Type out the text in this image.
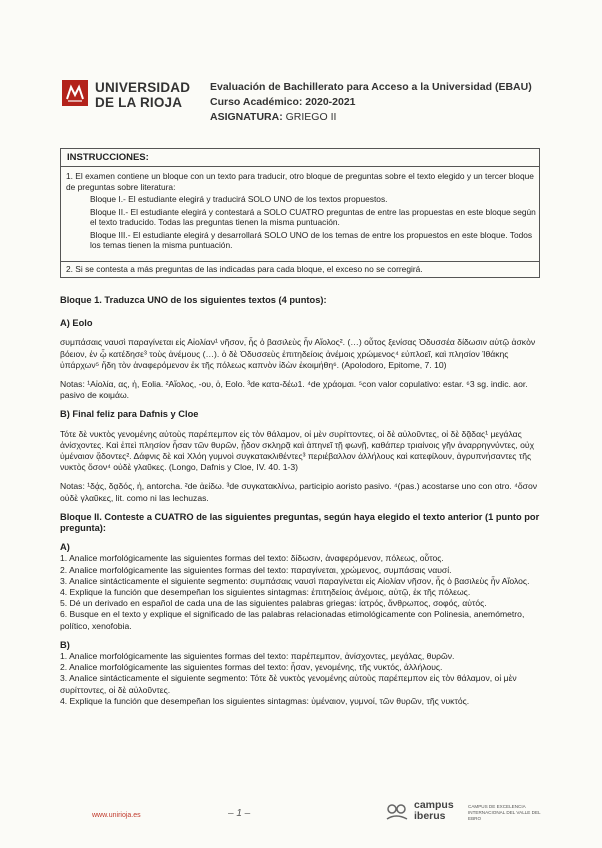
UNIVERSIDAD
DE LA RIOJA
Evaluación de Bachillerato para Acceso a la Universidad (EBAU)
Curso Académico: 2020-2021
ASIGNATURA: GRIEGO II
INSTRUCCIONES:

1. El examen contiene un bloque con un texto para traducir, otro bloque de preguntas sobre el texto elegido y un tercer bloque de preguntas sobre literatura:

Bloque I.- El estudiante elegirá y traducirá SOLO UNO de los textos propuestos.

Bloque II.- El estudiante elegirá y contestará a SOLO CUATRO preguntas de entre las propuestas en este bloque según el texto traducido. Todas las preguntas tienen la misma puntuación.

Bloque III.- El estudiante elegirá y desarrollará SOLO UNO de los temas de entre los propuestos en este bloque. Todos los temas tienen la misma puntuación.

2. Si se contesta a más preguntas de las indicadas para cada bloque, el exceso no se corregirá.

Bloque 1. Traduzca UNO de los siguientes textos (4 puntos):

A) Eolo

συμπάσαις ναυσὶ παραγίνεται εἰς Αἰολίαν¹ νῆσον, ἧς ὁ βασιλεὺς ἦν Αἴολος². (…) οὗτος ξενίσας Ὀδυσσέα δίδωσιν αὐτῷ ἀσκὸν βόειον, ἐν ᾧ κατέδησε³ τοὺς ἀνέμους (…). ὁ δὲ Ὀδυσσεὺς ἐπιτηδείοις ἀνέμοις χρώμενος⁴ εὐπλοεῖ, καὶ πλησίον Ἰθάκης ὑπάρχων⁵ ἤδη τὸν ἀναφερόμενον ἐκ τῆς πόλεως καπνὸν ἰδὼν ἐκοιμήθη⁶. (Apolodoro, Epitome, 7. 10)

Notas: ¹Αἰολία, ας, ἡ, Eolia. ²Αἴολος, -ου, ὁ, Eolo. ³de κατα-δέω1. ⁴de χράομαι. ⁵con valor copulativo: estar. ⁶3 sg. indic. aor. pasivo de κοιμάω.

B) Final feliz para Dafnis y Cloe

Τότε δὲ νυκτὸς γενομένης αὐτοὺς παρέπεμπον εἰς τὸν θάλαμον, οἱ μὲν συρίττοντες, οἱ δὲ αὐλοῦντες, οἱ δὲ δᾷδας¹ μεγάλας ἀνίσχοντες. Καὶ ἐπεὶ πλησίον ἦσαν τῶν θυρῶν, ᾖδον σκληρᾷ καὶ ἀπηνεῖ τῇ φωνῇ, καθάπερ τριαίνοις γῆν ἀναρρηγνύντες, οὐχ ὑμέναιον ᾄδοντες². Δάφνις δὲ καὶ Χλόη γυμνοὶ συγκατακλιθέντες³ περιέβαλλον ἀλλήλους καὶ κατεφίλουν, ἀγρυπνήσαντες τῆς νυκτὸς ὅσον⁴ οὐδὲ γλαῦκες. (Longo, Dafnis y Cloe, IV. 40. 1-3)

Notas: ¹δᾴς, δᾳδός, ἡ, antorcha. ²de ἀείδω. ³de συγκατακλίνω, participio aoristo pasivo. ⁴(pas.) acostarse uno con otro. ⁴ὅσον οὐδὲ γλαῦκες, lit. como ni las lechuzas.

Bloque II. Conteste a CUATRO de las siguientes preguntas, según haya elegido el texto anterior (1 punto por pregunta):

A)

1. Analice morfológicamente las siguientes formas del texto: δίδωσιν, ἀναφερόμενον, πόλεως, οὗτος.

2. Analice morfológicamente las siguientes formas del texto: παραγίνεται, χρώμενος, συμπάσαις ναυσί.

3. Analice sintácticamente el siguiente segmento: συμπάσαις ναυσὶ παραγίνεται εἰς Αἰολίαν νῆσον, ἧς ὁ βασιλεὺς ἦν Αἴολος.

4. Explique la función que desempeñan los siguientes sintagmas: ἐπιτηδείοις ἀνέμοις, αὐτῷ, ἐκ τῆς πόλεως.

5. Dé un derivado en español de cada una de las siguientes palabras griegas: ἰατρός, ἄνθρωπος, σοφός, αὐτός.

6. Busque en el texto y explique el significado de las palabras relacionadas etimológicamente con Polinesia, anemómetro, político, xenofobia.

B)

1. Analice morfológicamente las siguientes formas del texto: παρέπεμπον, ἀνίσχοντες, μεγάλας, θυρῶν.

2. Analice morfológicamente las siguientes formas del texto: ἦσαν, γενομένης, τῆς νυκτός, ἀλλήλους.

3. Analice sintácticamente el siguiente segmento: Τότε δὲ νυκτὸς γενομένης αὐτοὺς παρέπεμπον εἰς τὸν θάλαμον, οἱ μὲν συρίττοντες, οἱ δὲ αὐλοῦντες.

4. Explique la función que desempeñan los siguientes sintagmas: ὑμέναιον, γυμνοί, τῶν θυρῶν, τῆς νυκτός.

www.unirioja.es	– 1 –
campus
iberus
CAMPUS DE EXCELENCIA INTERNACIONAL DEL VALLE DEL EBRO
